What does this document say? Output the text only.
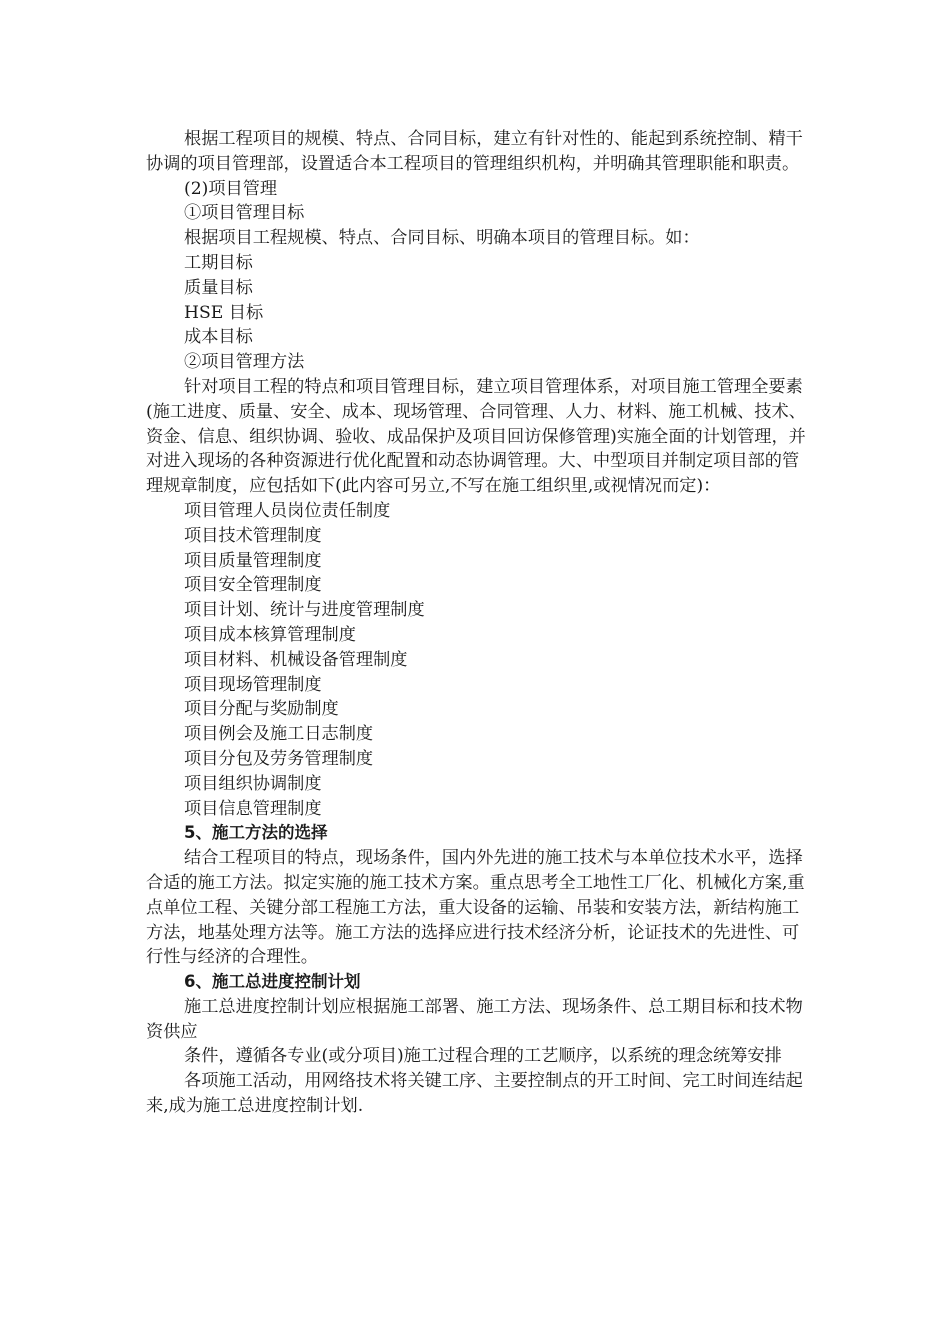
根据工程项目的规模、特点、合同目标，建立有针对性的、能起到系统控制、精干协调的项目管理部，设置适合本工程项目的管理组织机构，并明确其管理职能和职责。

(2)项目管理

①项目管理目标

根据项目工程规模、特点、合同目标、明确本项目的管理目标。如：

工期目标

质量目标

HSE 目标

成本目标

②项目管理方法

针对项目工程的特点和项目管理目标，建立项目管理体系，对项目施工管理全要素(施工进度、质量、安全、成本、现场管理、合同管理、人力、材料、施工机械、技术、资金、信息、组织协调、验收、成品保护及项目回访保修管理)实施全面的计划管理，并对进入现场的各种资源进行优化配置和动态协调管理。大、中型项目并制定项目部的管理规章制度，应包括如下(此内容可另立,不写在施工组织里,或视情况而定)：

项目管理人员岗位责任制度

项目技术管理制度

项目质量管理制度

项目安全管理制度

项目计划、统计与进度管理制度

项目成本核算管理制度

项目材料、机械设备管理制度

项目现场管理制度

项目分配与奖励制度

项目例会及施工日志制度

项目分包及劳务管理制度

项目组织协调制度

项目信息管理制度

5、施工方法的选择

结合工程项目的特点，现场条件，国内外先进的施工技术与本单位技术水平，选择合适的施工方法。拟定实施的施工技术方案。重点思考全工地性工厂化、机械化方案,重点单位工程、关键分部工程施工方法，重大设备的运输、吊装和安装方法，新结构施工方法，地基处理方法等。施工方法的选择应进行技术经济分析，论证技术的先进性、可行性与经济的合理性。

6、施工总进度控制计划

施工总进度控制计划应根据施工部署、施工方法、现场条件、总工期目标和技术物资供应

条件，遵循各专业(或分项目)施工过程合理的工艺顺序，以系统的理念统筹安排

各项施工活动，用网络技术将关键工序、主要控制点的开工时间、完工时间连结起来,成为施工总进度控制计划.
